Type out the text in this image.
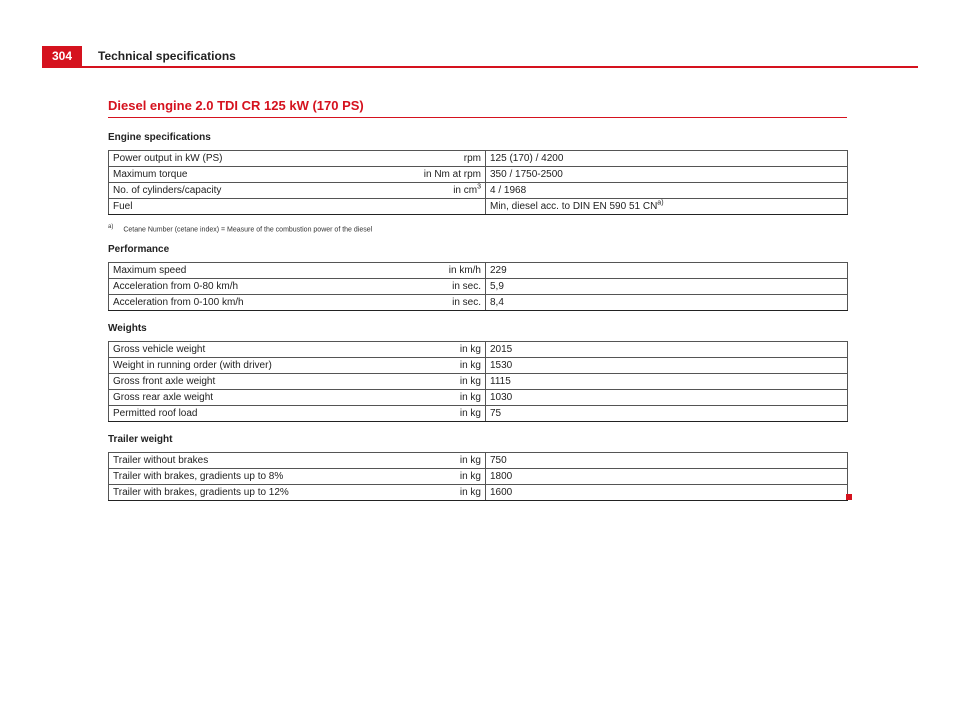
304	Technical specifications
Diesel engine 2.0 TDI CR 125 kW (170 PS)
Engine specifications
Power output in kW (PS)	rpm	125 (170) / 4200
Maximum torque	in Nm at rpm	350 / 1750-2500
No. of cylinders/capacity	in $cm^3$	4 / 1968
Fuel		Min, diesel acc. to DIN EN 590 51 CN$^{a)}$
a) Cetane Number (cetane index) = Measure of the combustion power of the diesel
Performance
Maximum speed	in km/h	229
Acceleration from 0-80 km/h	in sec.	5,9
Acceleration from 0-100 km/h	in sec.	8,4
Weights
Gross vehicle weight	in kg	2015
Weight in running order (with driver)	in kg	1530
Gross front axle weight	in kg	1115
Gross rear axle weight	in kg	1030
Permitted roof load	in kg	75
Trailer weight
Trailer without brakes	in kg	750
Trailer with brakes, gradients up to 8%	in kg	1800
Trailer with brakes, gradients up to 12%	in kg	1600
